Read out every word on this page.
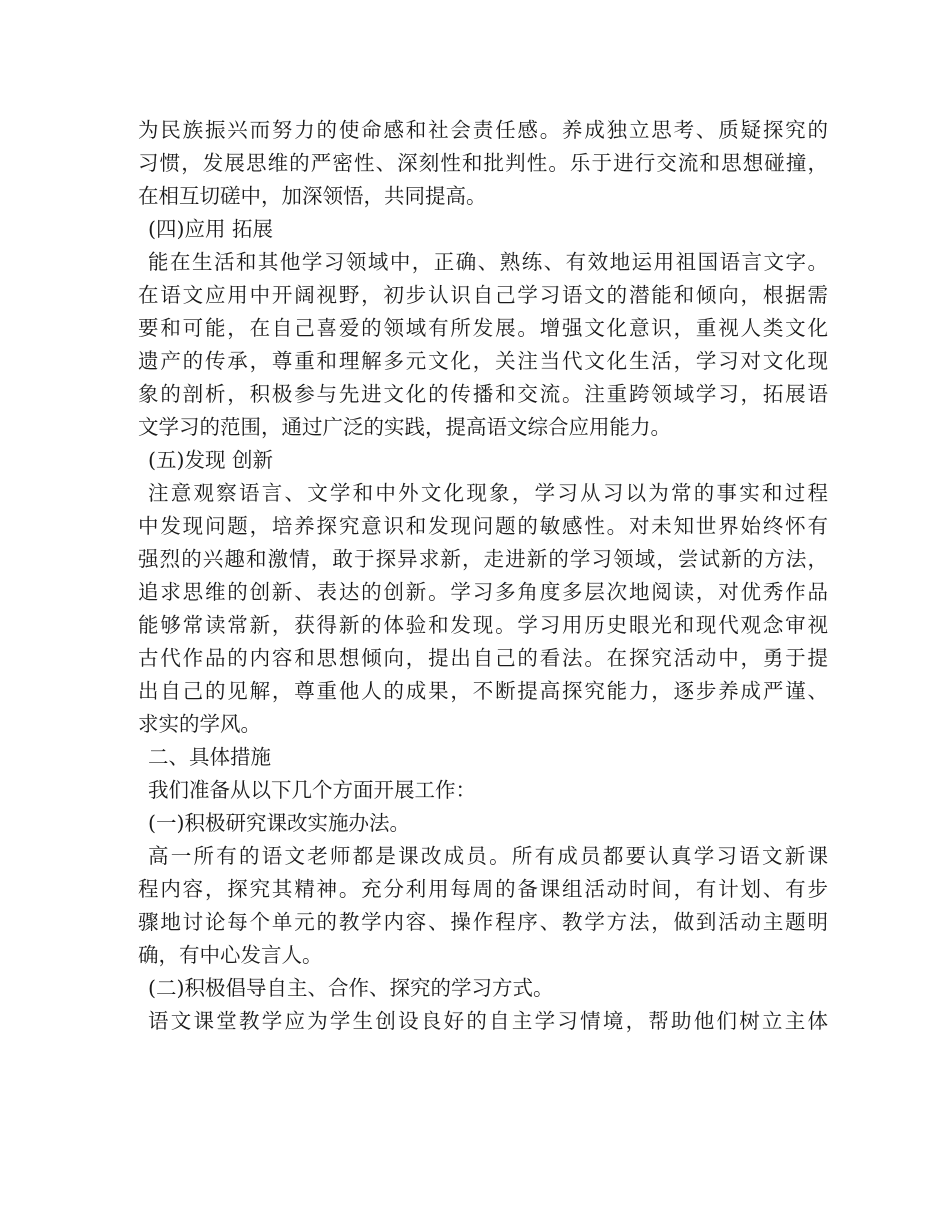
为民族振兴而努力的使命感和社会责任感。养成独立思考、质疑探究的
习惯，发展思维的严密性、深刻性和批判性。乐于进行交流和思想碰撞，
在相互切磋中，加深领悟，共同提高。
(四)应用 拓展
能在生活和其他学习领域中，正确、熟练、有效地运用祖国语言文字。
在语文应用中开阔视野，初步认识自己学习语文的潜能和倾向，根据需
要和可能，在自己喜爱的领域有所发展。增强文化意识，重视人类文化
遗产的传承，尊重和理解多元文化，关注当代文化生活，学习对文化现
象的剖析，积极参与先进文化的传播和交流。注重跨领域学习，拓展语
文学习的范围，通过广泛的实践，提高语文综合应用能力。
(五)发现 创新
注意观察语言、文学和中外文化现象，学习从习以为常的事实和过程
中发现问题，培养探究意识和发现问题的敏感性。对未知世界始终怀有
强烈的兴趣和激情，敢于探异求新，走进新的学习领域，尝试新的方法，
追求思维的创新、表达的创新。学习多角度多层次地阅读，对优秀作品
能够常读常新，获得新的体验和发现。学习用历史眼光和现代观念审视
古代作品的内容和思想倾向，提出自己的看法。在探究活动中，勇于提
出自己的见解，尊重他人的成果，不断提高探究能力，逐步养成严谨、
求实的学风。
二、具体措施
我们准备从以下几个方面开展工作：
(一)积极研究课改实施办法。
高一所有的语文老师都是课改成员。所有成员都要认真学习语文新课
程内容，探究其精神。充分利用每周的备课组活动时间，有计划、有步
骤地讨论每个单元的教学内容、操作程序、教学方法，做到活动主题明
确，有中心发言人。
(二)积极倡导自主、合作、探究的学习方式。
语文课堂教学应为学生创设良好的自主学习情境，帮助他们树立主体
